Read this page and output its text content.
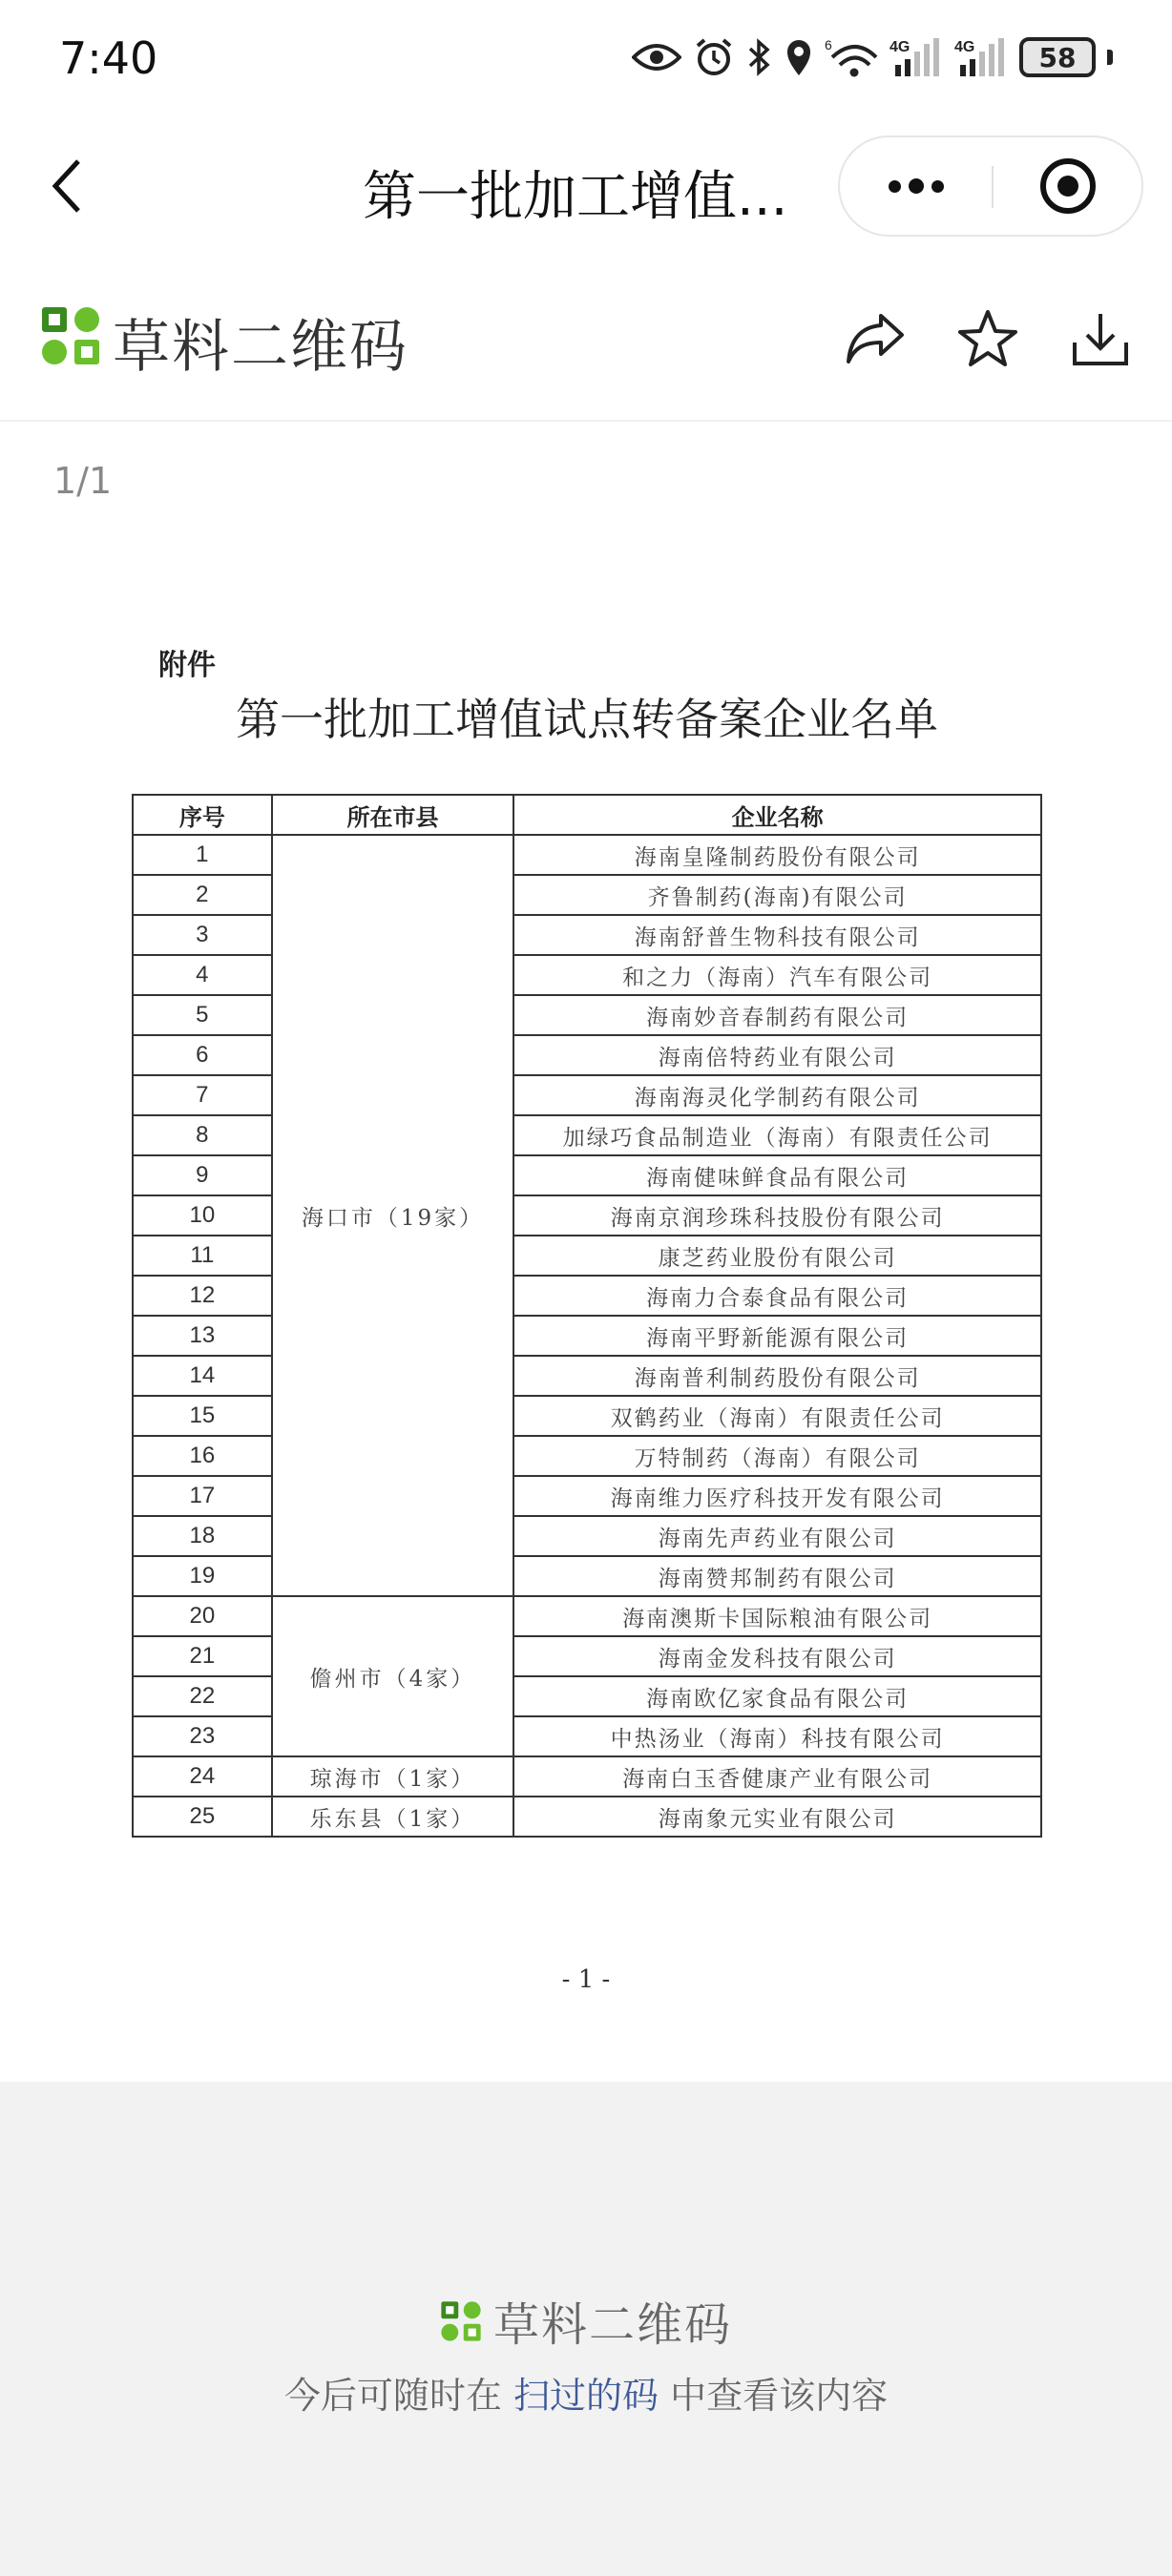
7:40	6	4G	4G	58
第一批加工增值...
草料二维码
1/1
附件
第一批加工增值试点转备案企业名单
序号	所在市县	企业名称
1	海口市（19家）	海南皇隆制药股份有限公司
2		齐鲁制药(海南)有限公司
3		海南舒普生物科技有限公司
4		和之力（海南）汽车有限公司
5		海南妙音春制药有限公司
6		海南倍特药业有限公司
7		海南海灵化学制药有限公司
8		加绿巧食品制造业（海南）有限责任公司
9		海南健味鲜食品有限公司
10		海南京润珍珠科技股份有限公司
11		康芝药业股份有限公司
12		海南力合泰食品有限公司
13		海南平野新能源有限公司
14		海南普利制药股份有限公司
15		双鹤药业（海南）有限责任公司
16		万特制药（海南）有限公司
17		海南维力医疗科技开发有限公司
18		海南先声药业有限公司
19		海南赞邦制药有限公司
20	儋州市（4家）	海南澳斯卡国际粮油有限公司
21		海南金发科技有限公司
22		海南欧亿家食品有限公司
23		中热汤业（海南）科技有限公司
24	琼海市（1家）	海南白玉香健康产业有限公司
25	乐东县（1家）	海南象元实业有限公司
- 1 -
草料二维码
今后可随时在 扫过的码 中查看该内容
